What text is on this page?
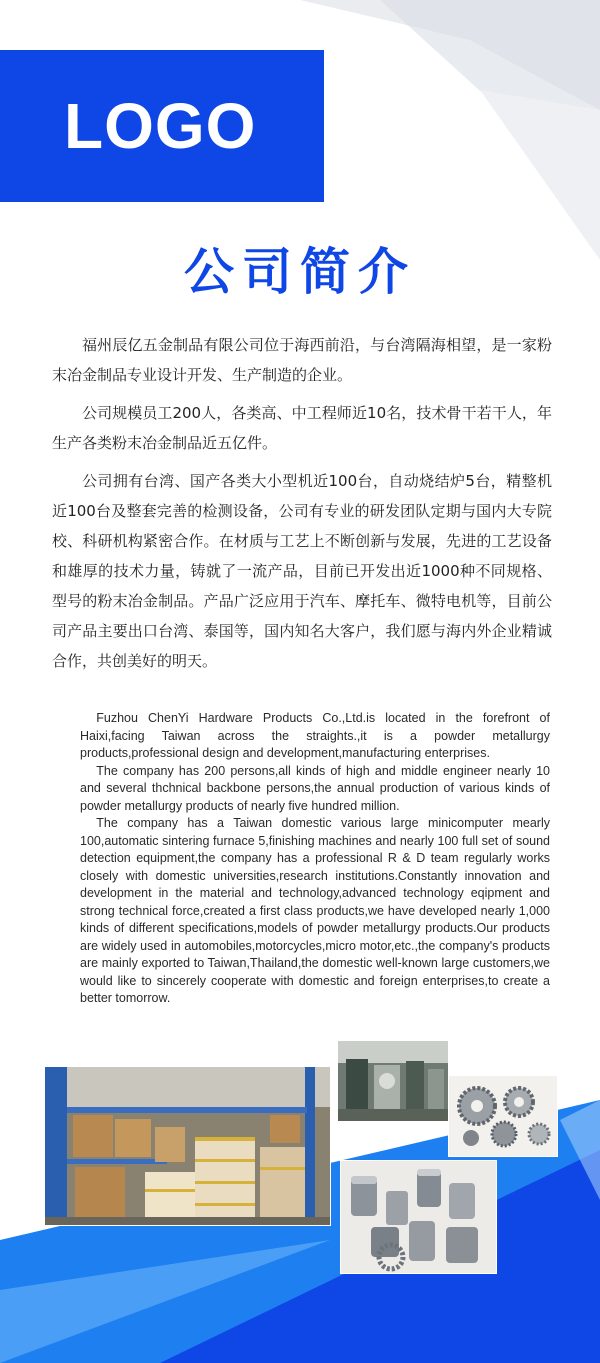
LOGO
公司简介

福州辰亿五金制品有限公司位于海西前沿，与台湾隔海相望，是一家粉末冶金制品专业设计开发、生产制造的企业。

公司规模员工200人，各类高、中工程师近10名，技术骨干若干人，年生产各类粉末冶金制品近五亿件。

公司拥有台湾、国产各类大小型机近100台，自动烧结炉5台，精整机近100台及整套完善的检测设备，公司有专业的研发团队定期与国内大专院校、科研机构紧密合作。在材质与工艺上不断创新与发展，先进的工艺设备和雄厚的技术力量，铸就了一流产品，目前已开发出近1000种不同规格、型号的粉末冶金制品。产品广泛应用于汽车、摩托车、微特电机等，目前公司产品主要出口台湾、泰国等，国内知名大客户，我们愿与海内外企业精诚合作，共创美好的明天。

Fuzhou ChenYi Hardware Products Co.,Ltd.is located in the forefront of Haixi,facing Taiwan across the straights.,it is a powder metallurgy products,professional design and development,manufacturing enterprises.

The company has 200 persons,all kinds of high and middle engineer nearly 10 and several thchnical backbone persons,the annual production of various kinds of powder metallurgy products of nearly five hundred million.

The company has a Taiwan domestic various large minicomputer mearly 100,automatic sintering furnace 5,finishing machines and nearly 100 full set of sound detection equipment,the company has a professional R & D team regularly works closely with domestic universities,research institutions.Constantly innovation and development in the material and technology,advanced technology eqipment and strong technical force,created a first class products,we have developed nearly 1,000 kinds of different specifications,models of powder metallurgy products.Our products are widely used in automobiles,motorcycles,micro motor,etc.,the company's products are mainly exported to Taiwan,Thailand,the domestic well-known large customers,we would like to sincerely cooperate with domestic and foreign enterprises,to create a better tomorrow.
